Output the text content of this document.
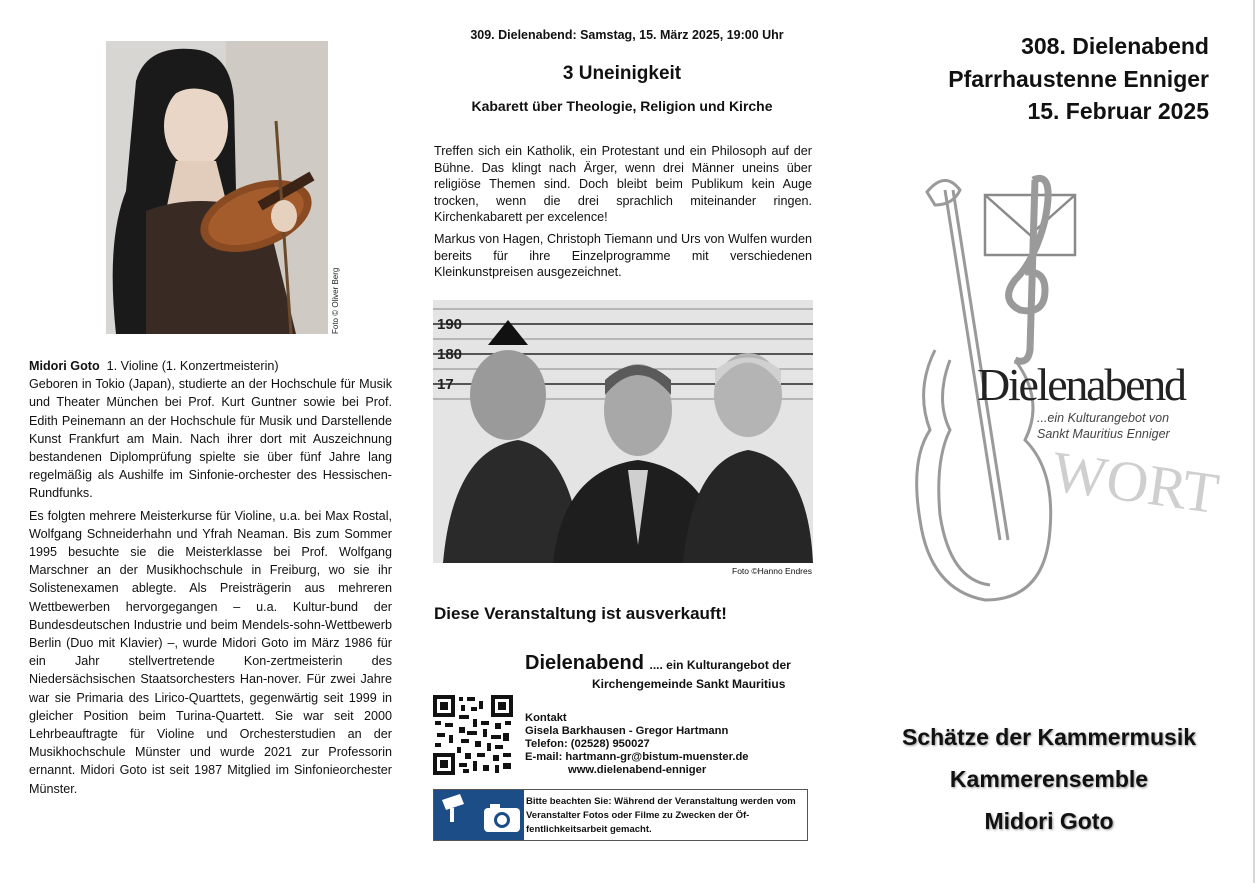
Foto © Oliver Berg

Midori Goto 1. Violine (1. Konzertmeisterin)

Geboren in Tokio (Japan), studierte an der Hochschule für Musik und Theater München bei Prof. Kurt Guntner sowie bei Prof. Edith Peinemann an der Hochschule für Musik und Darstellende Kunst Frankfurt am Main. Nach ihrer dort mit Auszeichnung bestandenen Diplomprüfung spielte sie über fünf Jahre lang regelmäßig als Aushilfe im Sinfonie-orchester des Hessischen-Rundfunks.

Es folgten mehrere Meisterkurse für Violine, u.a. bei Max Rostal, Wolfgang Schneiderhahn und Yfrah Neaman. Bis zum Sommer 1995 besuchte sie die Meisterklasse bei Prof. Wolfgang Marschner an der Musikhochschule in Freiburg, wo sie ihr Solistenexamen ablegte. Als Preisträgerin aus mehreren Wettbewerben hervorgegangen – u.a. Kultur-bund der Bundesdeutschen Industrie und beim Mendels-sohn-Wettbewerb Berlin (Duo mit Klavier) –, wurde Midori Goto im März 1986 für ein Jahr stellvertretende Kon-zertmeisterin des Niedersächsischen Staatsorchesters Han-nover. Für zwei Jahre war sie Primaria des Lirico-Quarttets, gegenwärtig seit 1999 in gleicher Position beim Turina-Quartett. Sie war seit 2000 Lehrbeauftragte für Violine und Orchesterstudien an der Musikhochschule Münster und wurde 2021 zur Professorin ernannt. Midori Goto ist seit 1987 Mitglied im Sinfonieorchester Münster.

309. Dielenabend: Samstag, 15. März 2025, 19:00 Uhr
3 Uneinigkeit
Kabarett über Theologie, Religion und Kirche

Treffen sich ein Katholik, ein Protestant und ein Philosoph auf der Bühne. Das klingt nach Ärger, wenn drei Männer uneins über religiöse Themen sind. Doch bleibt beim Publikum kein Auge trocken, wenn die drei sprachlich miteinander ringen. Kirchenkabarett per excelence!

Markus von Hagen, Christoph Tiemann und Urs von Wulfen wurden bereits für ihre Einzelprogramme mit verschiedenen Kleinkunstpreisen ausgezeichnet.

190
180
17
Foto ©Hanno Endres
Diese Veranstaltung ist ausverkauft!
Dielenabend .... ein Kulturangebot der
Kirchengemeinde Sankt Mauritius
Kontakt
Gisela Barkhausen - Gregor Hartmann
Telefon: (02528) 950027
E-mail: hartmann-gr@bistum-muenster.de
www.dielenabend-enniger
Bitte beachten Sie: Während der Veranstaltung werden vom Veranstalter Fotos oder Filme zu Zwecken der Öf-fentlichkeitsarbeit gemacht.
308. Dielenabend
Pfarrhaustenne Enniger
15. Februar 2025
WORT
Dielenabend
...ein Kulturangebot von
Sankt Mauritius Enniger
Schätze der Kammermusik
Kammerensemble
Midori Goto
